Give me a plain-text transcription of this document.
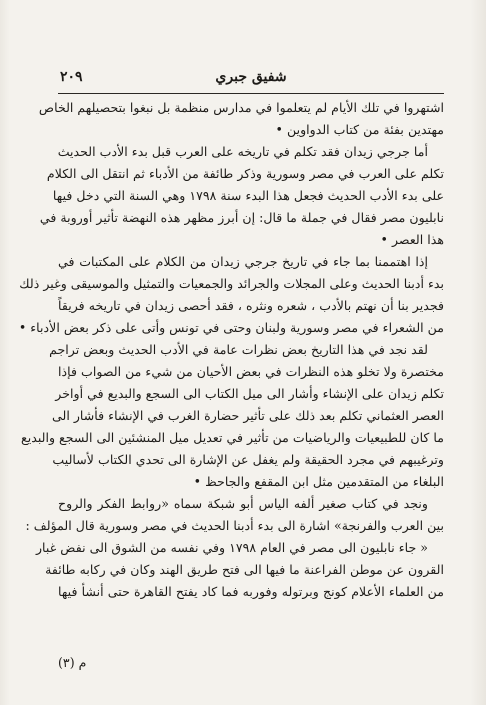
شفيق جبري
٢٠٩
اشتهروا في تلك الأيام لم يتعلموا في مدارس منظمة بل نبغوا بتحصيلهم الخاص
مهتدين بفئة من كتاب الدواوين •
أما جرجي زيدان فقد تكلم في تاريخه على العرب قبل بدء الأدب الحديث
تكلم على العرب في مصر وسورية وذكر طائفة من الأدباء ثم انتقل الى الكلام
على بدء الأدب الحديث فجعل هذا البدء سنة ١٧٩٨ وهي السنة التي دخل فيها
نابليون مصر فقال في جملة ما قال: إن أبرز مظهر هذه النهضة تأثير أوروبة في
هذا العصر •
إذا اهتممنا بما جاء في تاريخ جرجي زيدان من الكلام على المكتبات في
بدء أدبنا الحديث وعلى المجلات والجرائد والجمعيات والتمثيل والموسيقى وغير ذلك
فجدير بنا أن نهتم بالأدب ، شعره ونثره ، فقد أحصى زيدان في تاريخه فريقاً
من الشعراء في مصر وسورية ولبنان وحتى في تونس وأتى على ذكر بعض الأدباء •
لقد نجد في هذا التاريخ بعض نظرات عامة في الأدب الحديث وبعض تراجم
مختصرة ولا تخلو هذه النظرات في بعض الأحيان من شيء من الصواب فإذا
تكلم زيدان على الإنشاء وأشار الى ميل الكتاب الى السجع والبديع في أواخر
العصر العثماني تكلم بعد ذلك على تأثير حضارة الغرب في الإنشاء فأشار الى
ما كان للطبيعيات والرياضيات من تأثير في تعديل ميل المنشئين الى السجع والبديع
وترغيبهم في مجرد الحقيقة ولم يغفل عن الإشارة الى تحدي الكتاب لأساليب
البلغاء من المتقدمين مثل ابن المقفع والجاحظ •
ونجد في كتاب صغير ألفه الياس أبو شبكة سماه «روابط الفكر والروح
بين العرب والفرنجة» اشارة الى بدء أدبنا الحديث في مصر وسورية قال المؤلف :
« جاء نابليون الى مصر في العام ١٧٩٨ وفي نفسه من الشوق الى نفض غبار
القرون عن موطن الفراعنة ما فيها الى فتح طريق الهند وكان في ركابه طائفة
من العلماء الأعلام كونج وبرتوله وفوربه فما كاد يفتح القاهرة حتى أنشأ فيها
م (٣)
